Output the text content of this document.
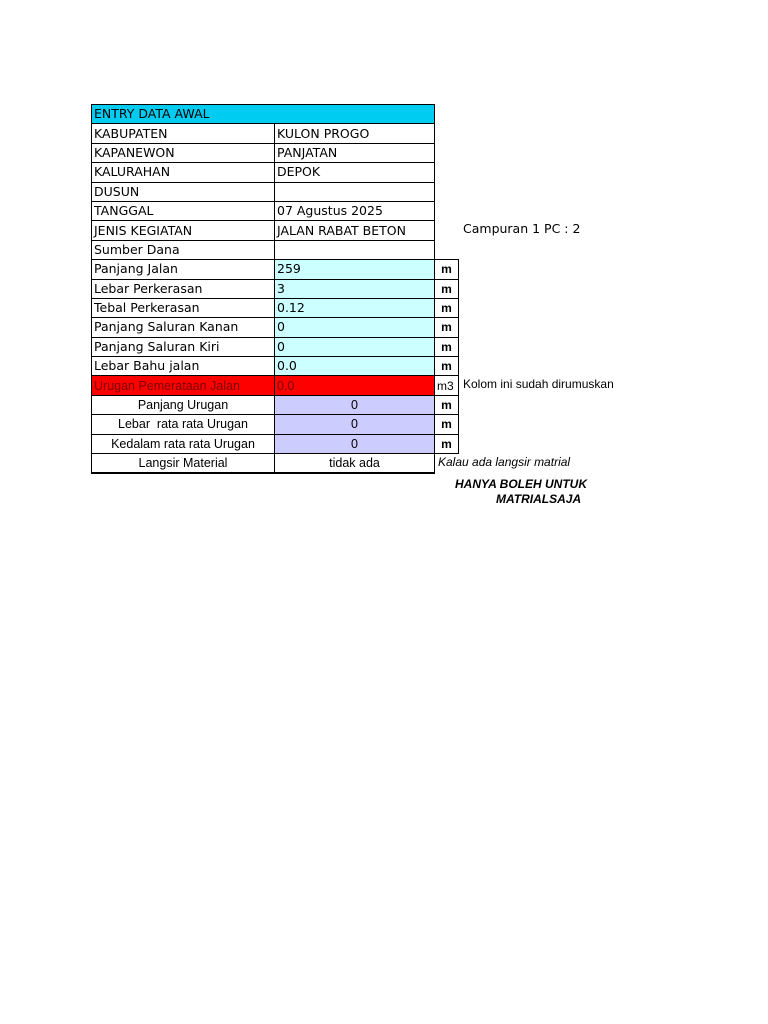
ENTRY DATA AWAL		
KABUPATEN	KULON PROGO	
KAPANEWON	PANJATAN	
KALURAHAN	DEPOK	
DUSUN		
TANGGAL	07 Agustus 2025	
JENIS KEGIATAN	JALAN RABAT BETON	
Sumber Dana		
Panjang Jalan	259	m
Lebar Perkerasan	3	m
Tebal Perkerasan	0.12	m
Panjang Saluran Kanan	0	m
Panjang Saluran Kiri	0	m
Lebar Bahu jalan	0.0	m
Urugan Pemerataan Jalan	0.0	m3
Panjang Urugan	0	m
Lebar  rata rata Urugan	0	m
Kedalam rata rata Urugan	0	m
Langsir Material	tidak ada	
Campuran 1 PC : 2
Kolom ini sudah dirumuskan
Kalau ada langsir matrial
HANYA BOLEH UNTUK
MATRIALSAJA
